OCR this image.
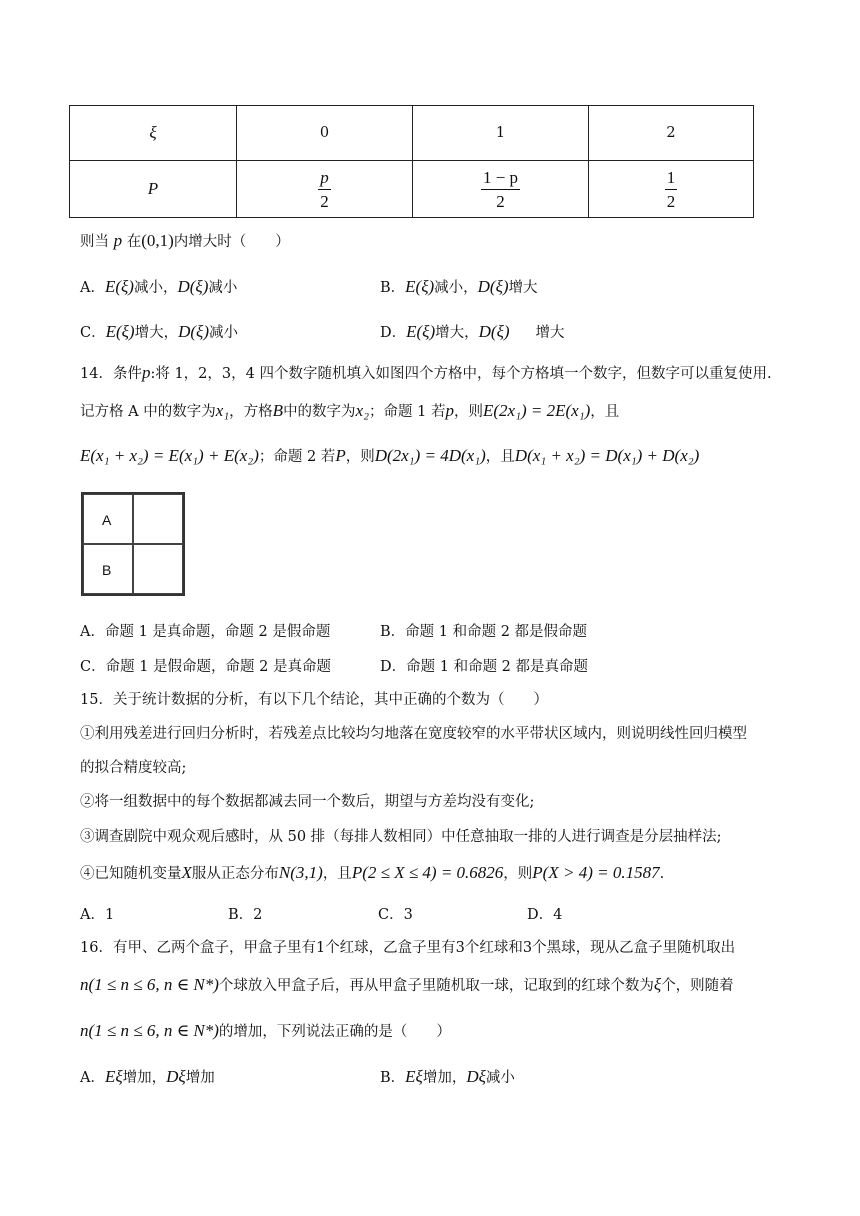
ξ	0	1	2
P	$\frac{p}{2}$	$\frac{1 - p}{2}$	$\frac{1}{2}$
则当 p 在(0,1)内增大时（　　）
A．E(ξ)减小，D(ξ)减小	B．E(ξ)减小，D(ξ)增大
C．E(ξ)增大，D(ξ)减小	D．E(ξ)增大，D(ξ) 增大
14．条件p:将 1，2，3，4 四个数字随机填入如图四个方格中，每个方格填一个数字，但数字可以重复使用.
记方格 A 中的数字为x₁，方格B中的数字为x₂；命题 1 若p，则E(2x₁) = 2E(x₁)，且
E(x₁ + x₂) = E(x₁) + E(x₂)；命题 2 若P，则D(2x₁) = 4D(x₁)，且D(x₁ + x₂) = D(x₁) + D(x₂)
A
B
A．命题 1 是真命题，命题 2 是假命题	B．命题 1 和命题 2 都是假命题
C．命题 1 是假命题，命题 2 是真命题	D．命题 1 和命题 2 都是真命题
15．关于统计数据的分析，有以下几个结论，其中正确的个数为（　　）
①利用残差进行回归分析时，若残差点比较均匀地落在宽度较窄的水平带状区域内，则说明线性回归模型
的拟合精度较高;
②将一组数据中的每个数据都减去同一个数后，期望与方差均没有变化;
③调查剧院中观众观后感时，从 50 排（每排人数相同）中任意抽取一排的人进行调查是分层抽样法;
④已知随机变量X服从正态分布N(3,1)，且P(2 ≤ X ≤ 4) = 0.6826，则P(X > 4) = 0.1587.
A．1	B．2	C．3	D．4
16．有甲、乙两个盒子，甲盒子里有1个红球，乙盒子里有3个红球和3个黑球，现从乙盒子里随机取出
n(1 ≤ n ≤ 6, n ∈ N*)个球放入甲盒子后，再从甲盒子里随机取一球，记取到的红球个数为ξ个，则随着
n(1 ≤ n ≤ 6, n ∈ N*)的增加，下列说法正确的是（　　）
A．Eξ增加，Dξ增加	B．Eξ增加，Dξ减小
